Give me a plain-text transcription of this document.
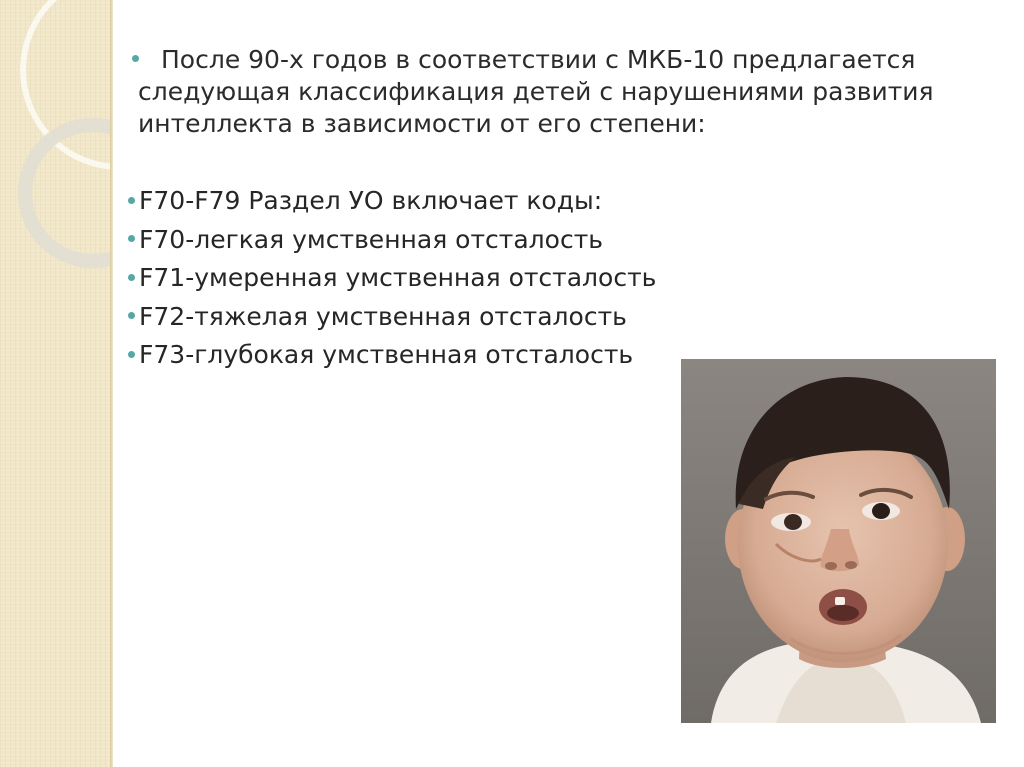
После 90-х годов в соответствии с МКБ-10 предлагается
следующая классификация детей с нарушениями развития
интеллекта в зависимости от его степени:
F70-F79 Раздел УО включает коды:
F70-легкая умственная отсталость
F71-умеренная умственная отсталость
F72-тяжелая умственная отсталость
F73-глубокая умственная отсталость
